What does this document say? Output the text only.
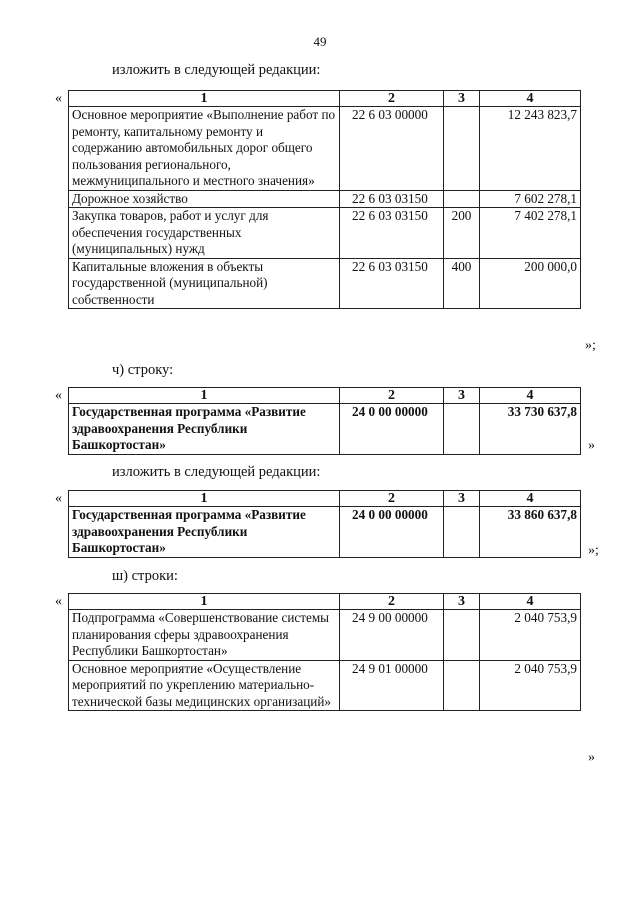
49
изложить в следующей редакции:
«	1	2	3	4
Основное мероприятие «Выполнение работ по ремонту, капитальному ремонту и содержанию автомобильных дорог общего пользования регионального, межмуниципального и местного значения»	22 6 03 00000		12 243 823,7
Дорожное хозяйство	22 6 03 03150		7 602 278,1
Закупка товаров, работ и услуг для обеспечения государственных (муниципальных) нужд	22 6 03 03150	200	7 402 278,1
Капитальные вложения в объекты государственной (муниципальной) собственности	22 6 03 03150	400	200 000,0
»;
ч) строку:
«	1	2	3	4
Государственная программа «Развитие здравоохранения Республики Башкортостан»	24 0 00 00000		33 730 637,8
»
изложить в следующей редакции:
«	1	2	3	4
Государственная программа «Развитие здравоохранения Республики Башкортостан»	24 0 00 00000		33 860 637,8
»;
ш) строки:
«	1	2	3	4
Подпрограмма «Совершенствование системы планирования сферы здравоохранения Республики Башкортостан»	24 9 00 00000		2 040 753,9
Основное мероприятие «Осуществление мероприятий по укреплению материально-технической базы медицинских организаций»	24 9 01 00000		2 040 753,9
»
